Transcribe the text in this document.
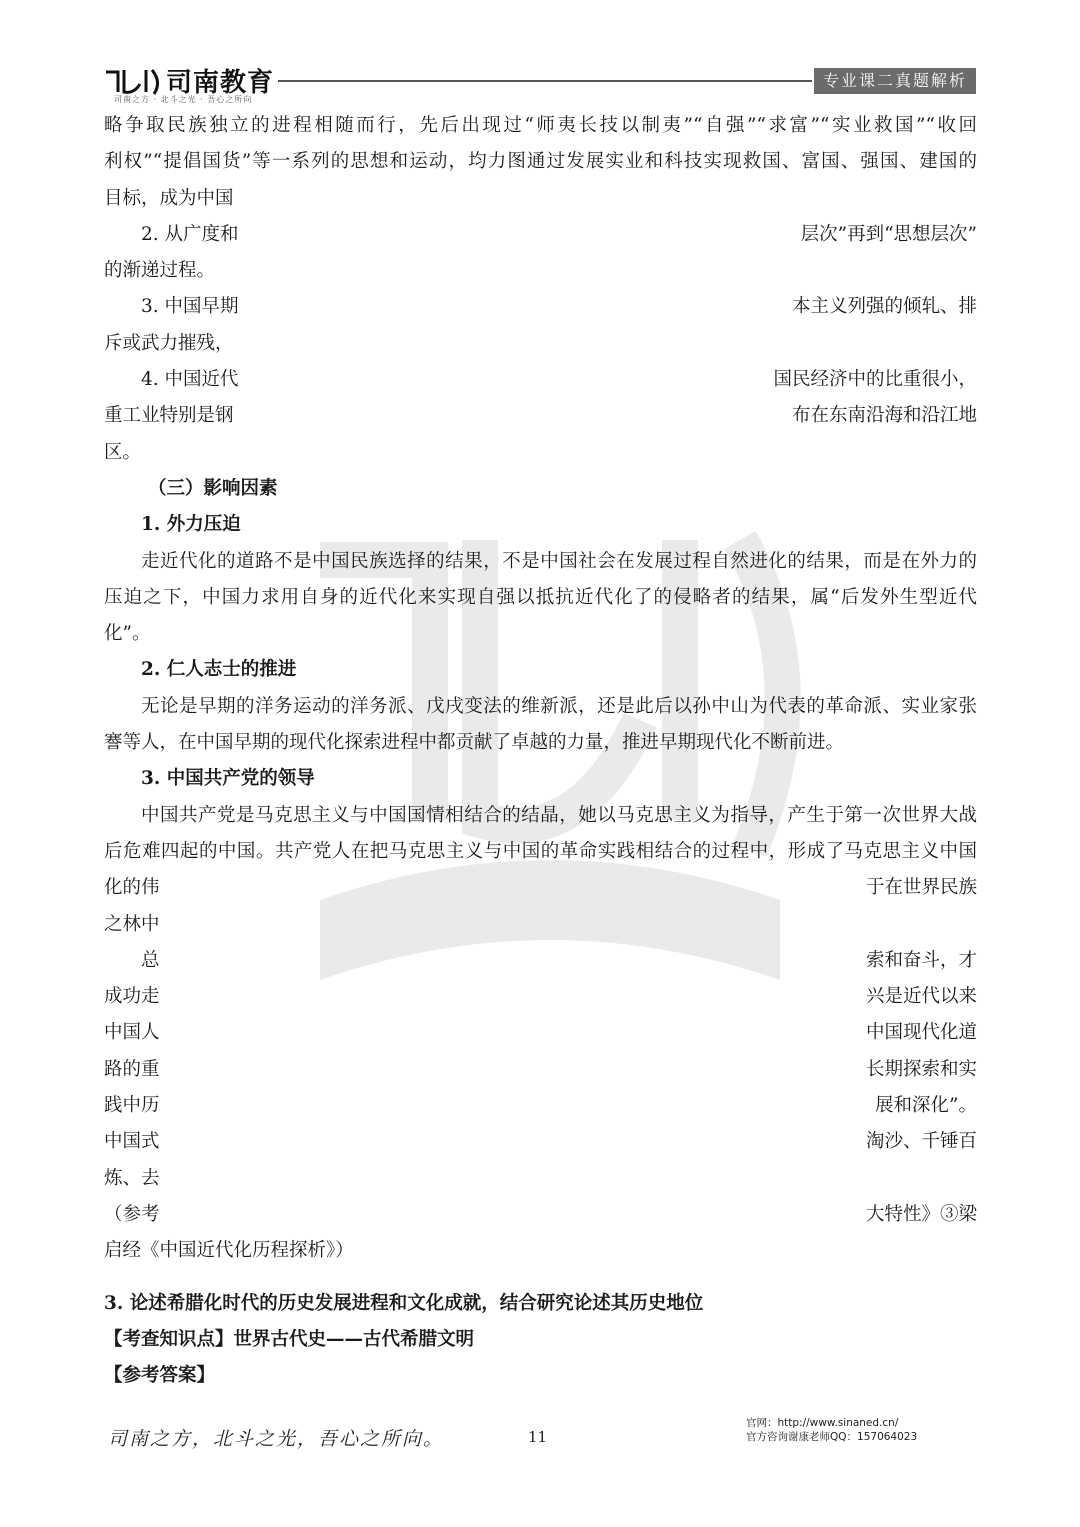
司南教育
司南之方 · 北斗之光 · 吾心之所向
专业课二真题解析
略争取民族独立的进程相随而行，先后出现过“师夷长技以制夷”“自强”“求富”“实业救国”“收回
利权”“提倡国货”等一系列的思想和运动，均力图通过发展实业和科技实现救国、富国、强国、建国的
目标，成为中国
2. 从广度和	层次”再到“思想层次”
的渐递过程。
3. 中国早期	本主义列强的倾轧、排
斥或武力摧残，
4. 中国近代	国民经济中的比重很小，
重工业特别是钢	布在东南沿海和沿江地
区。
（三）影响因素
1. 外力压迫
走近代化的道路不是中国民族选择的结果，不是中国社会在发展过程自然进化的结果，而是在外力的
压迫之下，中国力求用自身的近代化来实现自强以抵抗近代化了的侵略者的结果，属“后发外生型近代
化”。
2. 仁人志士的推进
无论是早期的洋务运动的洋务派、戊戌变法的维新派，还是此后以孙中山为代表的革命派、实业家张
謇等人，在中国早期的现代化探索进程中都贡献了卓越的力量，推进早期现代化不断前进。
3. 中国共产党的领导
中国共产党是马克思主义与中国国情相结合的结晶，她以马克思主义为指导，产生于第一次世界大战
后危难四起的中国。共产党人在把马克思主义与中国的革命实践相结合的过程中，形成了马克思主义中国
化的伟	于在世界民族
之林中
总	索和奋斗，才
成功走	兴是近代以来
中国人	中国现代化道
路的重	长期探索和实
践中历	展和深化”。
中国式	淘沙、千锤百
炼、去
（参考	大特性》③梁
启经《中国近代化历程探析》）
3. 论述希腊化时代的历史发展进程和文化成就，结合研究论述其历史地位
【考查知识点】世界古代史——古代希腊文明
【参考答案】
司南之方，北斗之光，吾心之所向。	11
官网：http://www.sinaned.cn/
官方咨询谢康老师QQ：157064023
